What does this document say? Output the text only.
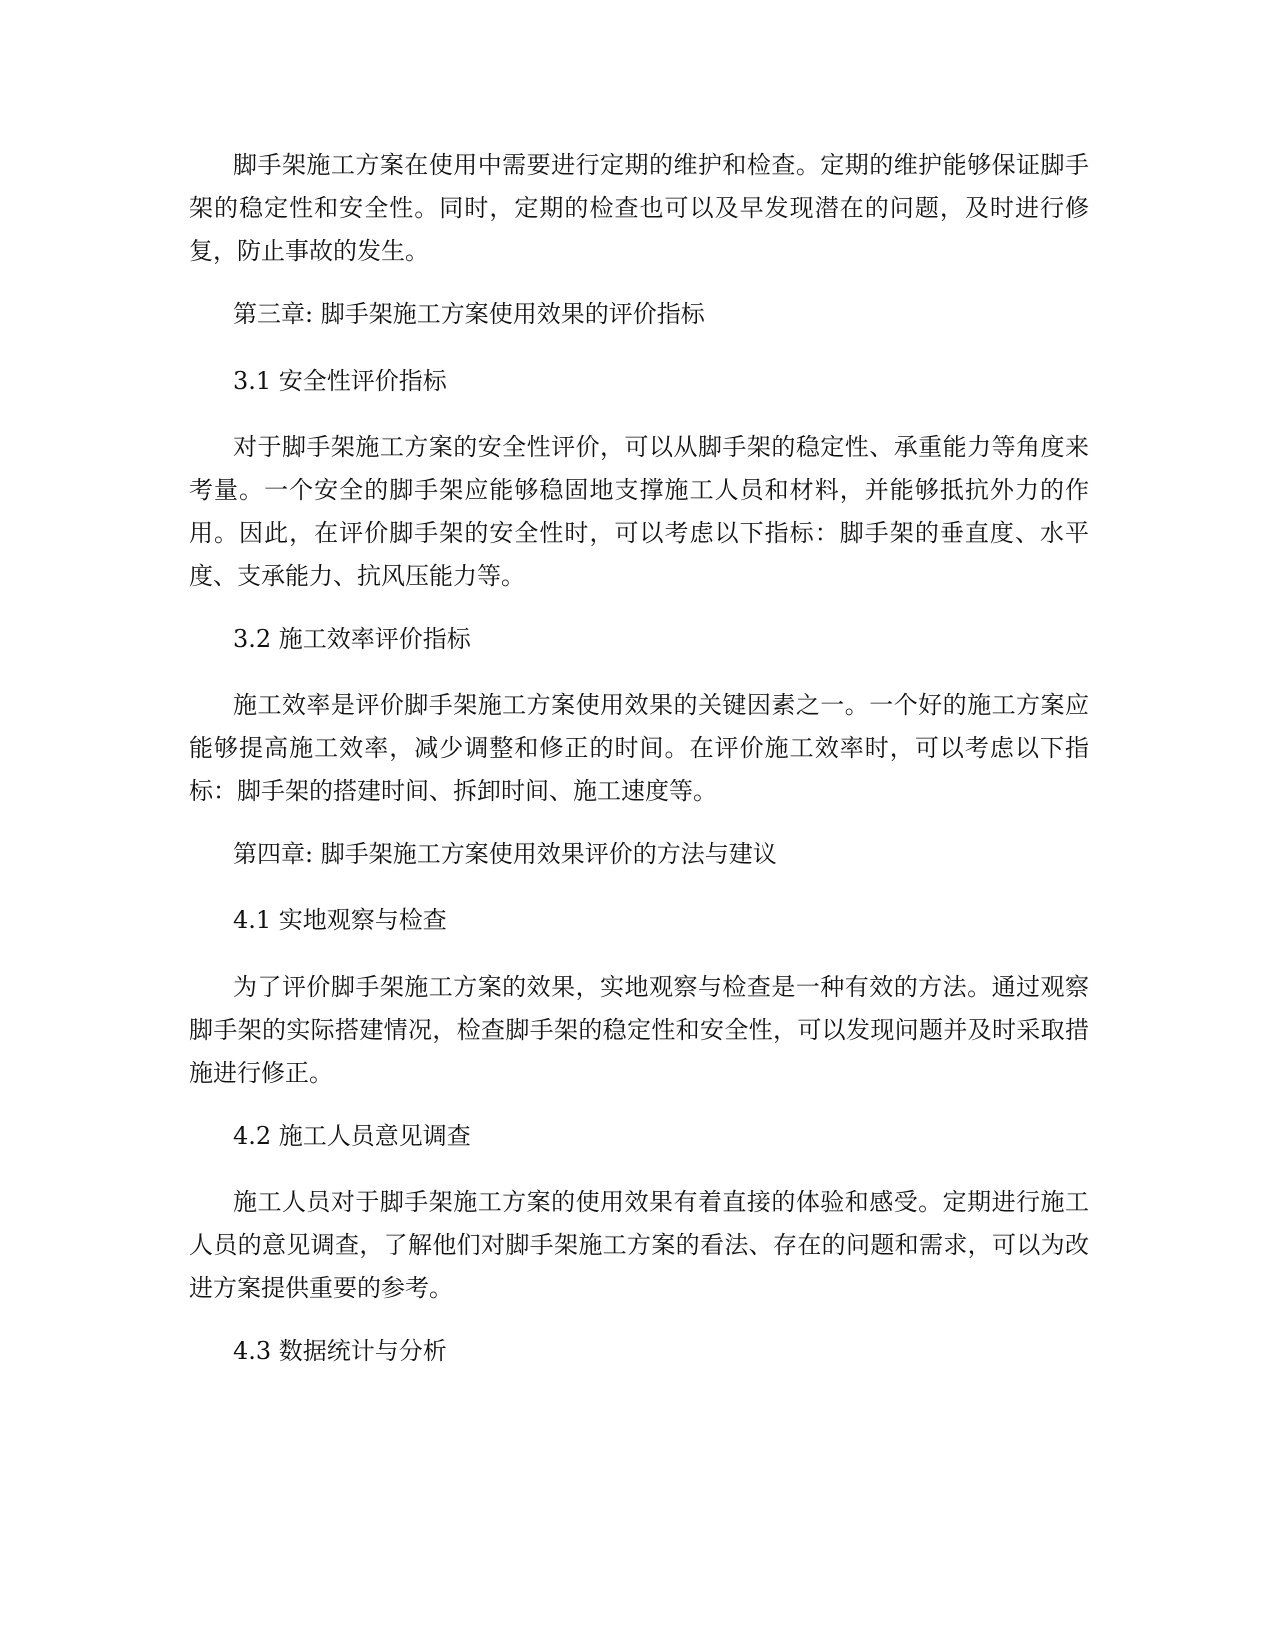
脚手架施工方案在使用中需要进行定期的维护和检查。定期的维护能够保证脚手架的稳定性和安全性。同时，定期的检查也可以及早发现潜在的问题，及时进行修复，防止事故的发生。

第三章: 脚手架施工方案使用效果的评价指标

3.1 安全性评价指标

对于脚手架施工方案的安全性评价，可以从脚手架的稳定性、承重能力等角度来考量。一个安全的脚手架应能够稳固地支撑施工人员和材料，并能够抵抗外力的作用。因此，在评价脚手架的安全性时，可以考虑以下指标：脚手架的垂直度、水平度、支承能力、抗风压能力等。

3.2 施工效率评价指标

施工效率是评价脚手架施工方案使用效果的关键因素之一。一个好的施工方案应能够提高施工效率，减少调整和修正的时间。在评价施工效率时，可以考虑以下指标：脚手架的搭建时间、拆卸时间、施工速度等。

第四章: 脚手架施工方案使用效果评价的方法与建议

4.1 实地观察与检查

为了评价脚手架施工方案的效果，实地观察与检查是一种有效的方法。通过观察脚手架的实际搭建情况，检查脚手架的稳定性和安全性，可以发现问题并及时采取措施进行修正。

4.2 施工人员意见调查

施工人员对于脚手架施工方案的使用效果有着直接的体验和感受。定期进行施工人员的意见调查，了解他们对脚手架施工方案的看法、存在的问题和需求，可以为改进方案提供重要的参考。

4.3 数据统计与分析
